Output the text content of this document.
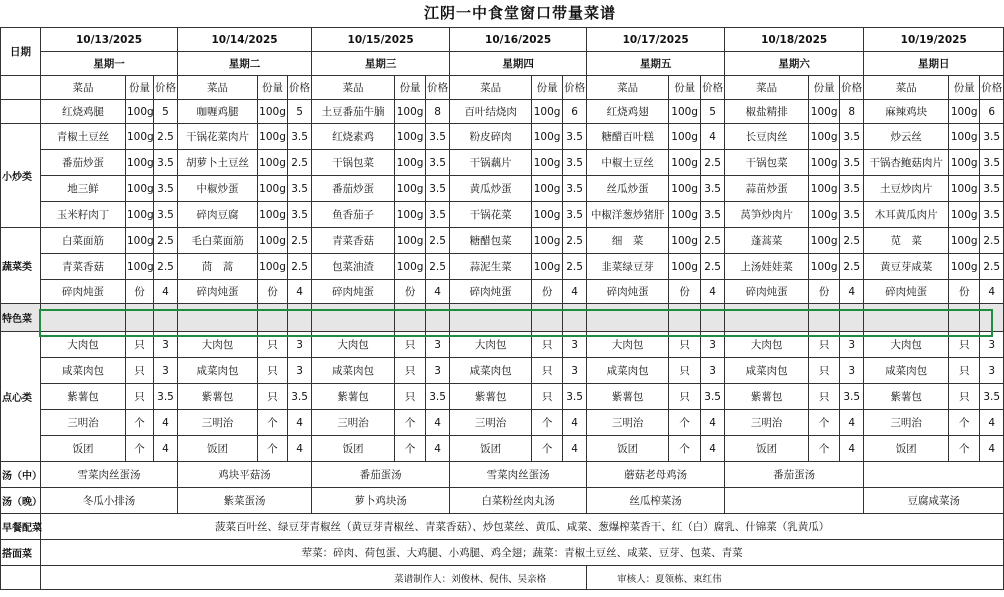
江阴一中食堂窗口带量菜谱
日期	10/13/2025			10/14/2025			10/15/2025			10/16/2025			10/17/2025			10/18/2025			10/19/2025		
	星期一			星期二			星期三			星期四			星期五			星期六			星期日		
	菜品	份量	价格	菜品	份量	价格	菜品	份量	价格	菜品	份量	价格	菜品	份量	价格	菜品	份量	价格	菜品	份量	价格
	红烧鸡腿	100g	5	咖喱鸡腿	100g	5	土豆番茄牛腩	100g	8	百叶结烧肉	100g	6	红烧鸡翅	100g	5	椒盐精排	100g	8	麻辣鸡块	100g	6
小炒类	青椒土豆丝	100g	2.5	干锅花菜肉片	100g	3.5	红烧素鸡	100g	3.5	粉皮碎肉	100g	3.5	糖醋百叶糕	100g	4	长豆肉丝	100g	3.5	炒云丝	100g	3.5
	番茄炒蛋	100g	3.5	胡萝卜土豆丝	100g	2.5	干锅包菜	100g	3.5	干锅藕片	100g	3.5	中椒土豆丝	100g	2.5	干锅包菜	100g	3.5	干锅杏鲍菇肉片	100g	3.5
	地三鲜	100g	3.5	中椒炒蛋	100g	3.5	番茄炒蛋	100g	3.5	黄瓜炒蛋	100g	3.5	丝瓜炒蛋	100g	3.5	蒜苗炒蛋	100g	3.5	土豆炒肉片	100g	3.5
	玉米籽肉丁	100g	3.5	碎肉豆腐	100g	3.5	鱼香茄子	100g	3.5	干锅花菜	100g	3.5	中椒洋葱炒猪肝	100g	3.5	莴笋炒肉片	100g	3.5	木耳黄瓜肉片	100g	3.5
蔬菜类	白菜面筋	100g	2.5	毛白菜面筋	100g	2.5	青菜香菇	100g	2.5	糖醋包菜	100g	2.5	细　菜	100g	2.5	蓬蒿菜	100g	2.5	苋　菜	100g	2.5
	青菜香菇	100g	2.5	茼　蒿	100g	2.5	包菜油渣	100g	2.5	蒜泥生菜	100g	2.5	韭菜绿豆芽	100g	2.5	上汤娃娃菜	100g	2.5	黄豆芽咸菜	100g	2.5
	碎肉炖蛋	份	4	碎肉炖蛋	份	4	碎肉炖蛋	份	4	碎肉炖蛋	份	4	碎肉炖蛋	份	4	碎肉炖蛋	份	4	碎肉炖蛋	份	4
特色菜																					
点心类	大肉包	只	3	大肉包	只	3	大肉包	只	3	大肉包	只	3	大肉包	只	3	大肉包	只	3	大肉包	只	3
	咸菜肉包	只	3	咸菜肉包	只	3	咸菜肉包	只	3	咸菜肉包	只	3	咸菜肉包	只	3	咸菜肉包	只	3	咸菜肉包	只	3
	紫薯包	只	3.5	紫薯包	只	3.5	紫薯包	只	3.5	紫薯包	只	3.5	紫薯包	只	3.5	紫薯包	只	3.5	紫薯包	只	3.5
	三明治	个	4	三明治	个	4	三明治	个	4	三明治	个	4	三明治	个	4	三明治	个	4	三明治	个	4
	饭团	个	4	饭团	个	4	饭团	个	4	饭团	个	4	饭团	个	4	饭团	个	4	饭团	个	4
汤（中）	雪菜肉丝蛋汤			鸡块平菇汤			番茄蛋汤			雪菜肉丝蛋汤			蘑菇老母鸡汤			番茄蛋汤					
汤（晚）	冬瓜小排汤			紫菜蛋汤			萝卜鸡块汤			白菜粉丝肉丸汤			丝瓜榨菜汤						豆腐咸菜汤		
早餐配菜	菠菜百叶丝、绿豆芽青椒丝（黄豆芽青椒丝、青菜香菇）、炒包菜丝、黄瓜、咸菜、葱爆榨菜香干、红（白）腐乳、什锦菜（乳黄瓜）																				
搭面菜	荤菜：碎肉、荷包蛋、大鸡腿、小鸡腿、鸡全翅；蔬菜：青椒土豆丝、咸菜、豆芽、包菜、青菜																				
	菜谱制作人：刘俊林、倪伟、吴亲格												审核人：夏领栋、束红伟								
